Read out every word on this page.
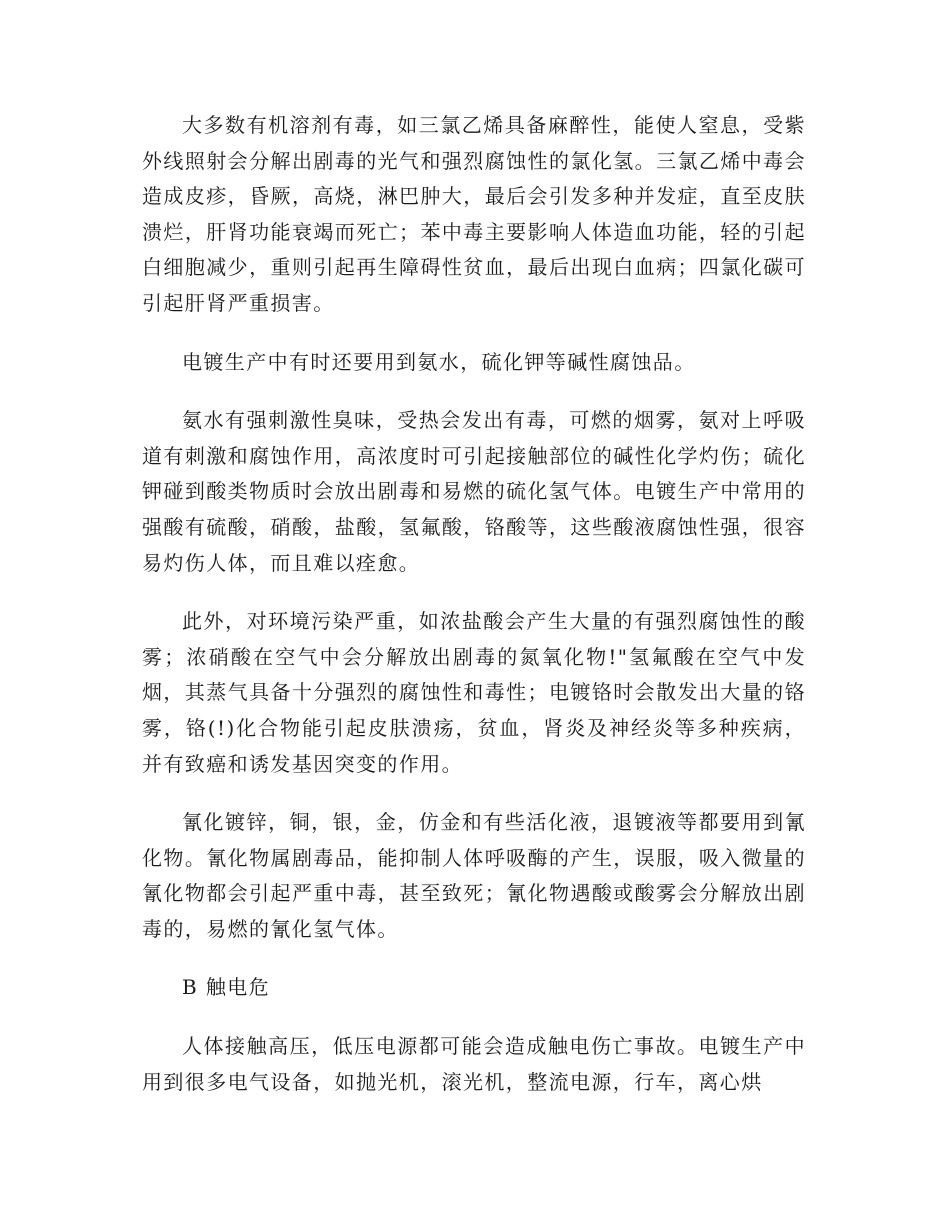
大多数有机溶剂有毒，如三氯乙烯具备麻醉性，能使人窒息，受紫外线照射会分解出剧毒的光气和强烈腐蚀性的氯化氢。三氯乙烯中毒会造成皮疹，昏厥，高烧，淋巴肿大，最后会引发多种并发症，直至皮肤溃烂，肝肾功能衰竭而死亡；苯中毒主要影响人体造血功能，轻的引起白细胞减少，重则引起再生障碍性贫血，最后出现白血病；四氯化碳可引起肝肾严重损害。

电镀生产中有时还要用到氨水，硫化钾等碱性腐蚀品。

氨水有强刺激性臭味，受热会发出有毒，可燃的烟雾，氨对上呼吸道有刺激和腐蚀作用，高浓度时可引起接触部位的碱性化学灼伤；硫化钾碰到酸类物质时会放出剧毒和易燃的硫化氢气体。电镀生产中常用的强酸有硫酸，硝酸，盐酸，氢氟酸，铬酸等，这些酸液腐蚀性强，很容易灼伤人体，而且难以痊愈。

此外，对环境污染严重，如浓盐酸会产生大量的有强烈腐蚀性的酸雾；浓硝酸在空气中会分解放出剧毒的氮氧化物!"氢氟酸在空气中发烟，其蒸气具备十分强烈的腐蚀性和毒性；电镀铬时会散发出大量的铬雾，铬(!)化合物能引起皮肤溃疡，贫血，肾炎及神经炎等多种疾病，并有致癌和诱发基因突变的作用。

氰化镀锌，铜，银，金，仿金和有些活化液，退镀液等都要用到氰化物。氰化物属剧毒品，能抑制人体呼吸酶的产生，误服，吸入微量的氰化物都会引起严重中毒，甚至致死；氰化物遇酸或酸雾会分解放出剧毒的，易燃的氰化氢气体。

B 触电危

人体接触高压，低压电源都可能会造成触电伤亡事故。电镀生产中用到很多电气设备，如抛光机，滚光机，整流电源，行车，离心烘
